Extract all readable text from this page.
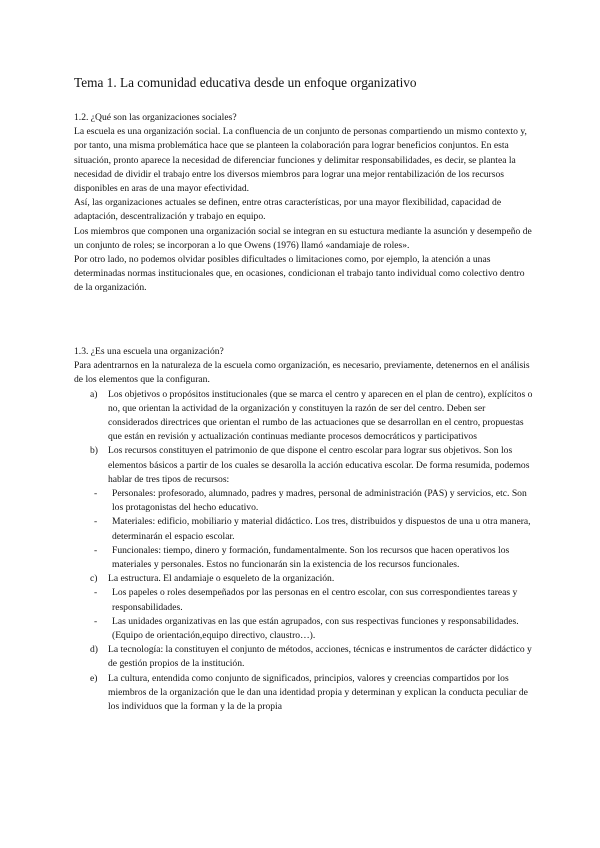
Tema 1. La comunidad educativa desde un enfoque organizativo

1.2. ¿Qué son las organizaciones sociales?

La escuela es una organización social. La confluencia de un conjunto de personas compartiendo un mismo contexto y, por tanto, una misma problemática hace que se planteen la colaboración para lograr beneficios conjuntos. En esta situación, pronto aparece la necesidad de diferenciar funciones y delimitar responsabilidades, es decir, se plantea la necesidad de dividir el trabajo entre los diversos miembros para lograr una mejor rentabilización de los recursos disponibles en aras de una mayor efectividad.

Así, las organizaciones actuales se definen, entre otras características, por una mayor flexibilidad, capacidad de adaptación, descentralización y trabajo en equipo.

Los miembros que componen una organización social se integran en su estuctura mediante la asunción y desempeño de un conjunto de roles; se incorporan a lo que Owens (1976) llamó «andamiaje de roles».

Por otro lado, no podemos olvidar posibles dificultades o limitaciones como, por ejemplo, la atención a unas determinadas normas institucionales que, en ocasiones, condicionan el trabajo tanto individual como colectivo dentro de la organización.

1.3. ¿Es una escuela una organización?

Para adentrarnos en la naturaleza de la escuela como organización, es necesario, previamente, detenernos en el análisis de los elementos que la configuran.

a) Los objetivos o propósitos institucionales (que se marca el centro y aparecen en el plan de centro), explícitos o no, que orientan la actividad de la organización y constituyen la razón de ser del centro. Deben ser considerados directrices que orientan el rumbo de las actuaciones que se desarrollan en el centro, propuestas que están en revisión y actualización continuas mediante procesos democráticos y participativos
b) Los recursos constituyen el patrimonio de que dispone el centro escolar para lograr sus objetivos. Son los elementos básicos a partir de los cuales se desarolla la acción educativa escolar. De forma resumida, podemos hablar de tres tipos de recursos:
- Personales: profesorado, alumnado, padres y madres, personal de administración (PAS) y servicios, etc. Son los protagonistas del hecho educativo.
- Materiales: edificio, mobiliario y material didáctico. Los tres, distribuidos y dispuestos de una u otra manera, determinarán el espacio escolar.
- Funcionales: tiempo, dinero y formación, fundamentalmente. Son los recursos que hacen operativos los materiales y personales. Estos no funcionarán sin la existencia de los recursos funcionales.
c) La estructura. El andamiaje o esqueleto de la organización.
- Los papeles o roles desempeñados por las personas en el centro escolar, con sus correspondientes tareas y responsabilidades.
- Las unidades organizativas en las que están agrupados, con sus respectivas funciones y responsabilidades. (Equipo de orientación,equipo directivo, claustro…).
d) La tecnología: la constituyen el conjunto de métodos, acciones, técnicas e instrumentos de carácter didáctico y de gestión propios de la institución.
e) La cultura, entendida como conjunto de significados, principios, valores y creencias compartidos por los miembros de la organización que le dan una identidad propia y determinan y explican la conducta peculiar de los individuos que la forman y la de la propia
